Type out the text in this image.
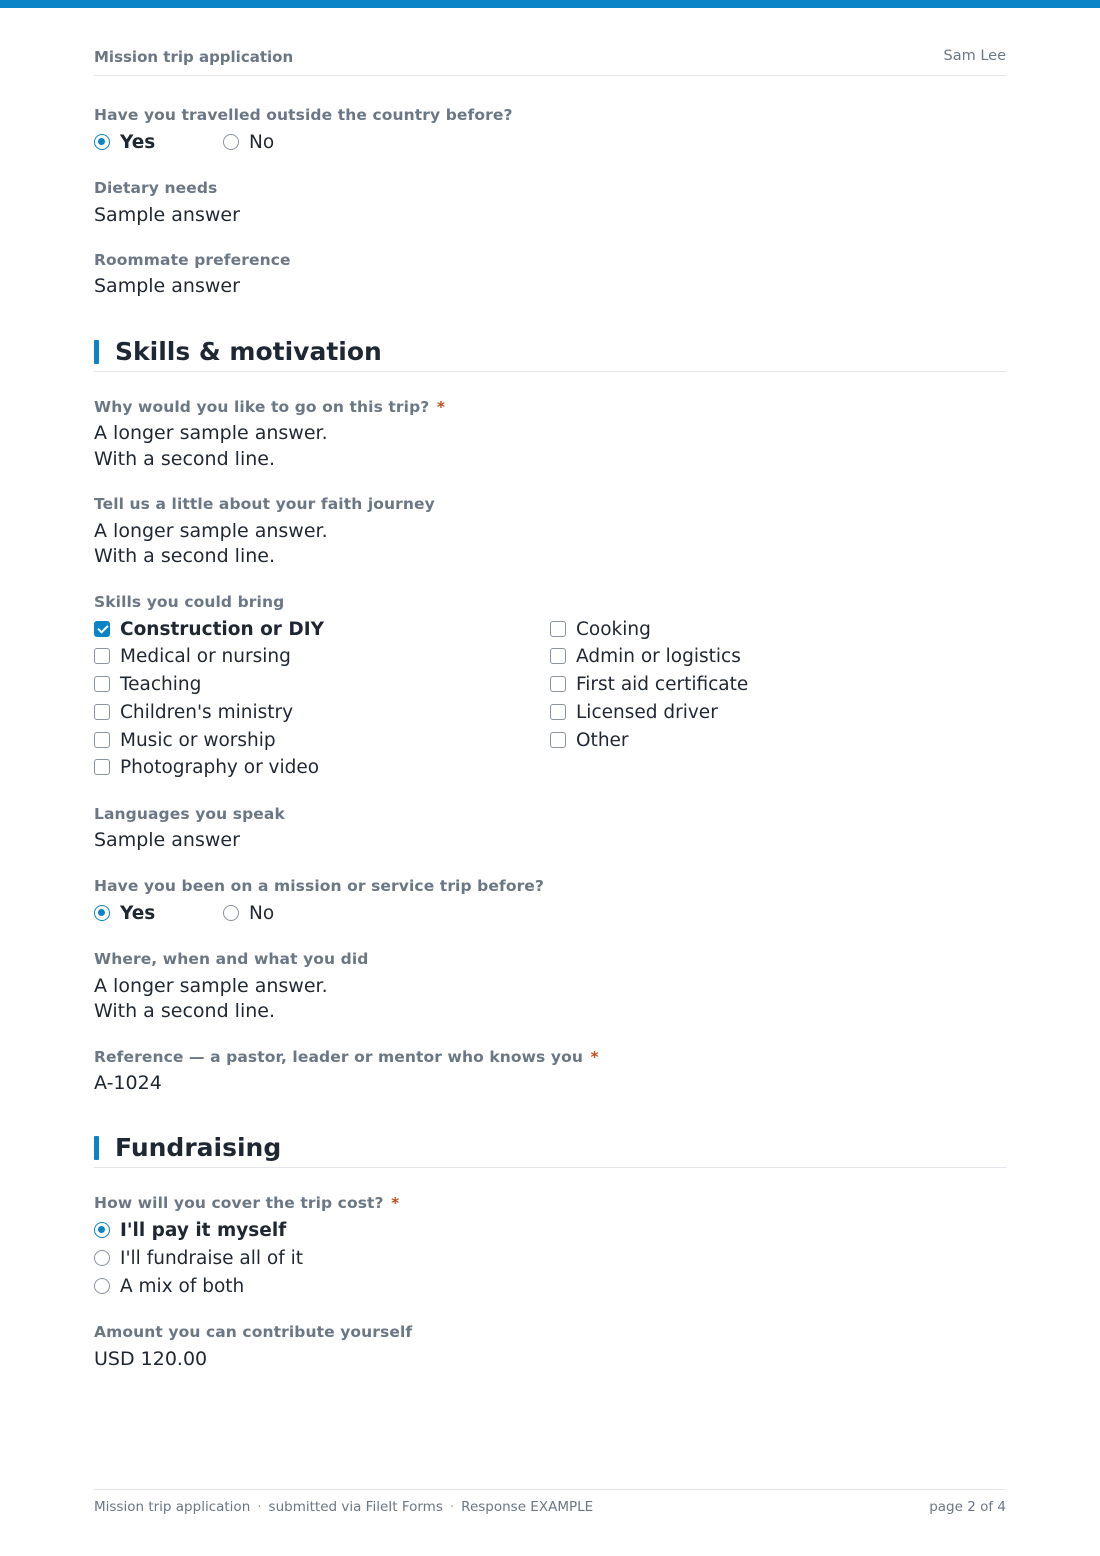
Mission trip application	Sam Lee
Have you travelled outside the country before?
Yes	No
Dietary needs
Sample answer
Roommate preference
Sample answer
Skills & motivation
Why would you like to go on this trip? *
A longer sample answer.
With a second line.
Tell us a little about your faith journey
A longer sample answer.
With a second line.
Skills you could bring
Construction or DIY
Medical or nursing
Teaching
Children's ministry
Music or worship
Photography or video
Cooking
Admin or logistics
First aid certificate
Licensed driver
Other
Languages you speak
Sample answer
Have you been on a mission or service trip before?
Yes	No
Where, when and what you did
A longer sample answer.
With a second line.
Reference — a pastor, leader or mentor who knows you *
A-1024
Fundraising
How will you cover the trip cost? *
I'll pay it myself
I'll fundraise all of it
A mix of both
Amount you can contribute yourself
USD 120.00
Mission trip application · submitted via FileIt Forms · Response EXAMPLE	page 2 of 4
